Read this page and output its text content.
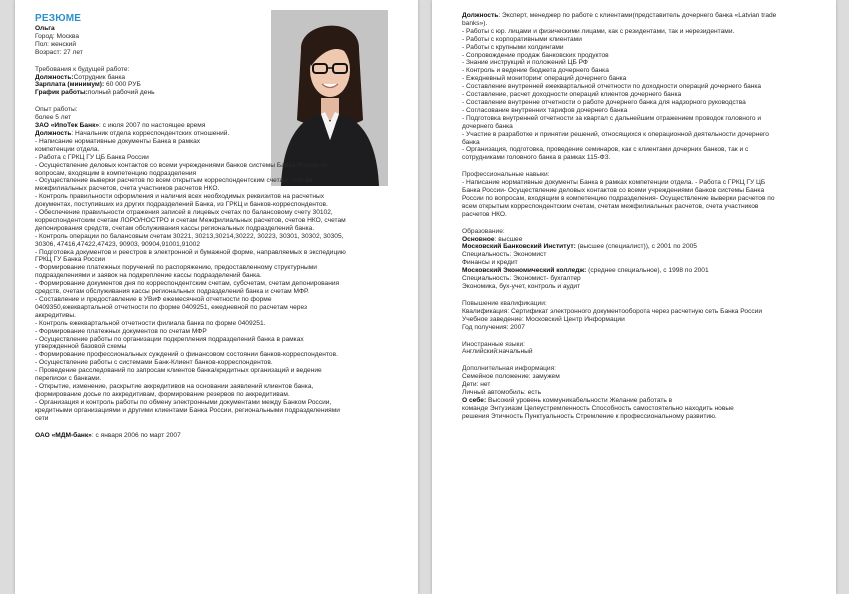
РЕЗЮМЕ
Ольга
Город: Москва
Пол: женский
Возраст: 27 лет
Требования к будущей работе:
Должность:Сотрудник банка
Зарплата (минимум): 60 000 РУБ
График работы:полный рабочий день
Опыт работы:
более 5 лет
ЗАО «ИпоТек Банк»: с июля 2007 по настоящее время
Должность: Начальник отдела корреспондентских отношений.
- Написание нормативные документы Банка в рамках
компетенции отдела.
- Работа с ГРКЦ ГУ ЦБ Банка России
- Осуществление деловых контактов со всеми учреждениями банков системы Банка России по
вопросам, входящим в компетенцию подразделения
- Осуществление выверки расчетов по всем открытым корреспондентским счетам, счетам
межфилиальных расчетов, счета участников расчетов НКО.
- Контроль правильности оформления и наличия всех необходимых реквизитов на расчетных
документах, поступивших из других подразделений Банка, из ГРКЦ и банков-корреспондентов.
- Обеспечение правильности отражения записей в лицевых счетах по балансовому счету 30102,
корреспондентским счетам ЛОРО/НОСТРО и счетам Межфилиальных расчетов, счетов НКО, счетам
депонирования средств, счетам обслуживания кассы региональных подразделений банка.
- Контроль операции по балансовым счетам 30221, 30213,30214,30222, 30223, 30301, 30302, 30305,
30306, 47416,47422,47423, 90903, 90904,91001,91002
- Подготовка документов и реестров в электронной и бумажной форме, направляемых в экспедицию
ГРКЦ ГУ Банка России
- Формирование платежных поручений по распоряжению, предоставленному структурными
подразделениями и заявок на подкрепление кассы подразделений банка.
- Формирование документов дня по корреспондентским счетам, субсчетам, счетам депонирования
средств, счетам обслуживания кассы региональных подразделений банка и счетам МФР.
- Составление и предоставление в УВиФ ежемесячной отчетности по форме
0409350,ежеквартальной отчетности по форме 0409251, ежедневной по расчетам через
аккредитивы.
- Контроль ежеквартальной отчетности филиала банка по форме 0409251.
- Формирование платежных документов по счетам МФР
- Осуществление работы по организации подкрепления подразделений банка в рамках
утвержденной базовой схемы
- Формирование профессиональных суждений о финансовом состоянии банков-корреспондентов.
- Осуществление работы с системами Банк-Клиент банков-корреспондентов.
- Проведение расследований по запросам клиентов банка/кредитных организаций и ведение
переписки с банками.
- Открытие, изменение, раскрытие аккредитивов на основании заявлений клиентов банка,
формирование досье по аккредитивам, формирование резервов по аккредитивам.
- Организация и контроль работы по обмену электронными документами между Банком России,
кредитными организациями и другими клиентами Банка России, региональными подразделениями
сети
ОАО «МДМ-банк»: с января 2006 по март 2007
Должность: Эксперт, менеджер по работе с клиентами(представитель дочернего банка «Latvian trade
banks»).
- Работы с юр. лицами и физическими лицами, как с резидентами, так и нерезидентами.
- Работы с корпоративными клиентами
- Работы с крупными холдингами
- Сопровождение продаж банковских продуктов
- Знание инструкций и положений ЦБ РФ
- Контроль и ведение бюджета дочернего банка
- Ежедневный мониторинг операций дочернего банка
- Составление внутренней ежеквартальной отчетности по доходности операций дочернего банка
- Составление, расчет доходности операций клиентов дочернего банка
- Составление внутренне отчетности о работе дочернего банка для надзорного руководства
- Согласование внутренних тарифов дочернего банка
- Подготовка внутренней отчетности за квартал с дальнейшим отражением проводок головного и
дочернего банка
- Участие в разработке и принятии решений, относящихся к операционной деятельности дочернего
банка
- Организация, подготовка, проведение семинаров, как с клиентами дочерних банков, так и с
сотрудниками головного банка в рамках 115-ФЗ.
Профессиональные навыки:
- Написание нормативные документы Банка в рамках компетенции отдела. - Работа с ГРКЦ ГУ ЦБ
Банка России- Осуществление деловых контактов со всеми учреждениями банков системы Банка
России по вопросам, входящим в компетенцию подразделения- Осуществление выверки расчетов по
всем открытым корреспондентским счетам, счетам межфилиальных расчетов, счета участников
расчетов НКО.
Образование:
Основное: высшее
Московский Банковский Институт: (высшее (специалист)), с 2001 по 2005
Специальность: Экономист
Финансы и кредит
Московский Экономический колледж: (среднее специальное), с 1998 по 2001
Специальность: Экономист- бухгалтер
Экономика, бух-учет, контроль и аудит
Повышение квалификации:
Квалификация: Сертификат электронного документооборота через расчетную сеть Банка России
Учебное заведение: Московский Центр Информации
Год получения: 2007
Иностранные языки:
Английский:начальный
Дополнительная информация:
Семейное положение: замужем
Дети: нет
Личный автомобиль: есть
О себе: Высокий уровень коммуникабельности Желание работать в
команде Энтузиазм Целеустремленность Способность самостоятельно находить новые
решения Этичность Пунктуальность Стремление к профессиональному развитию.
